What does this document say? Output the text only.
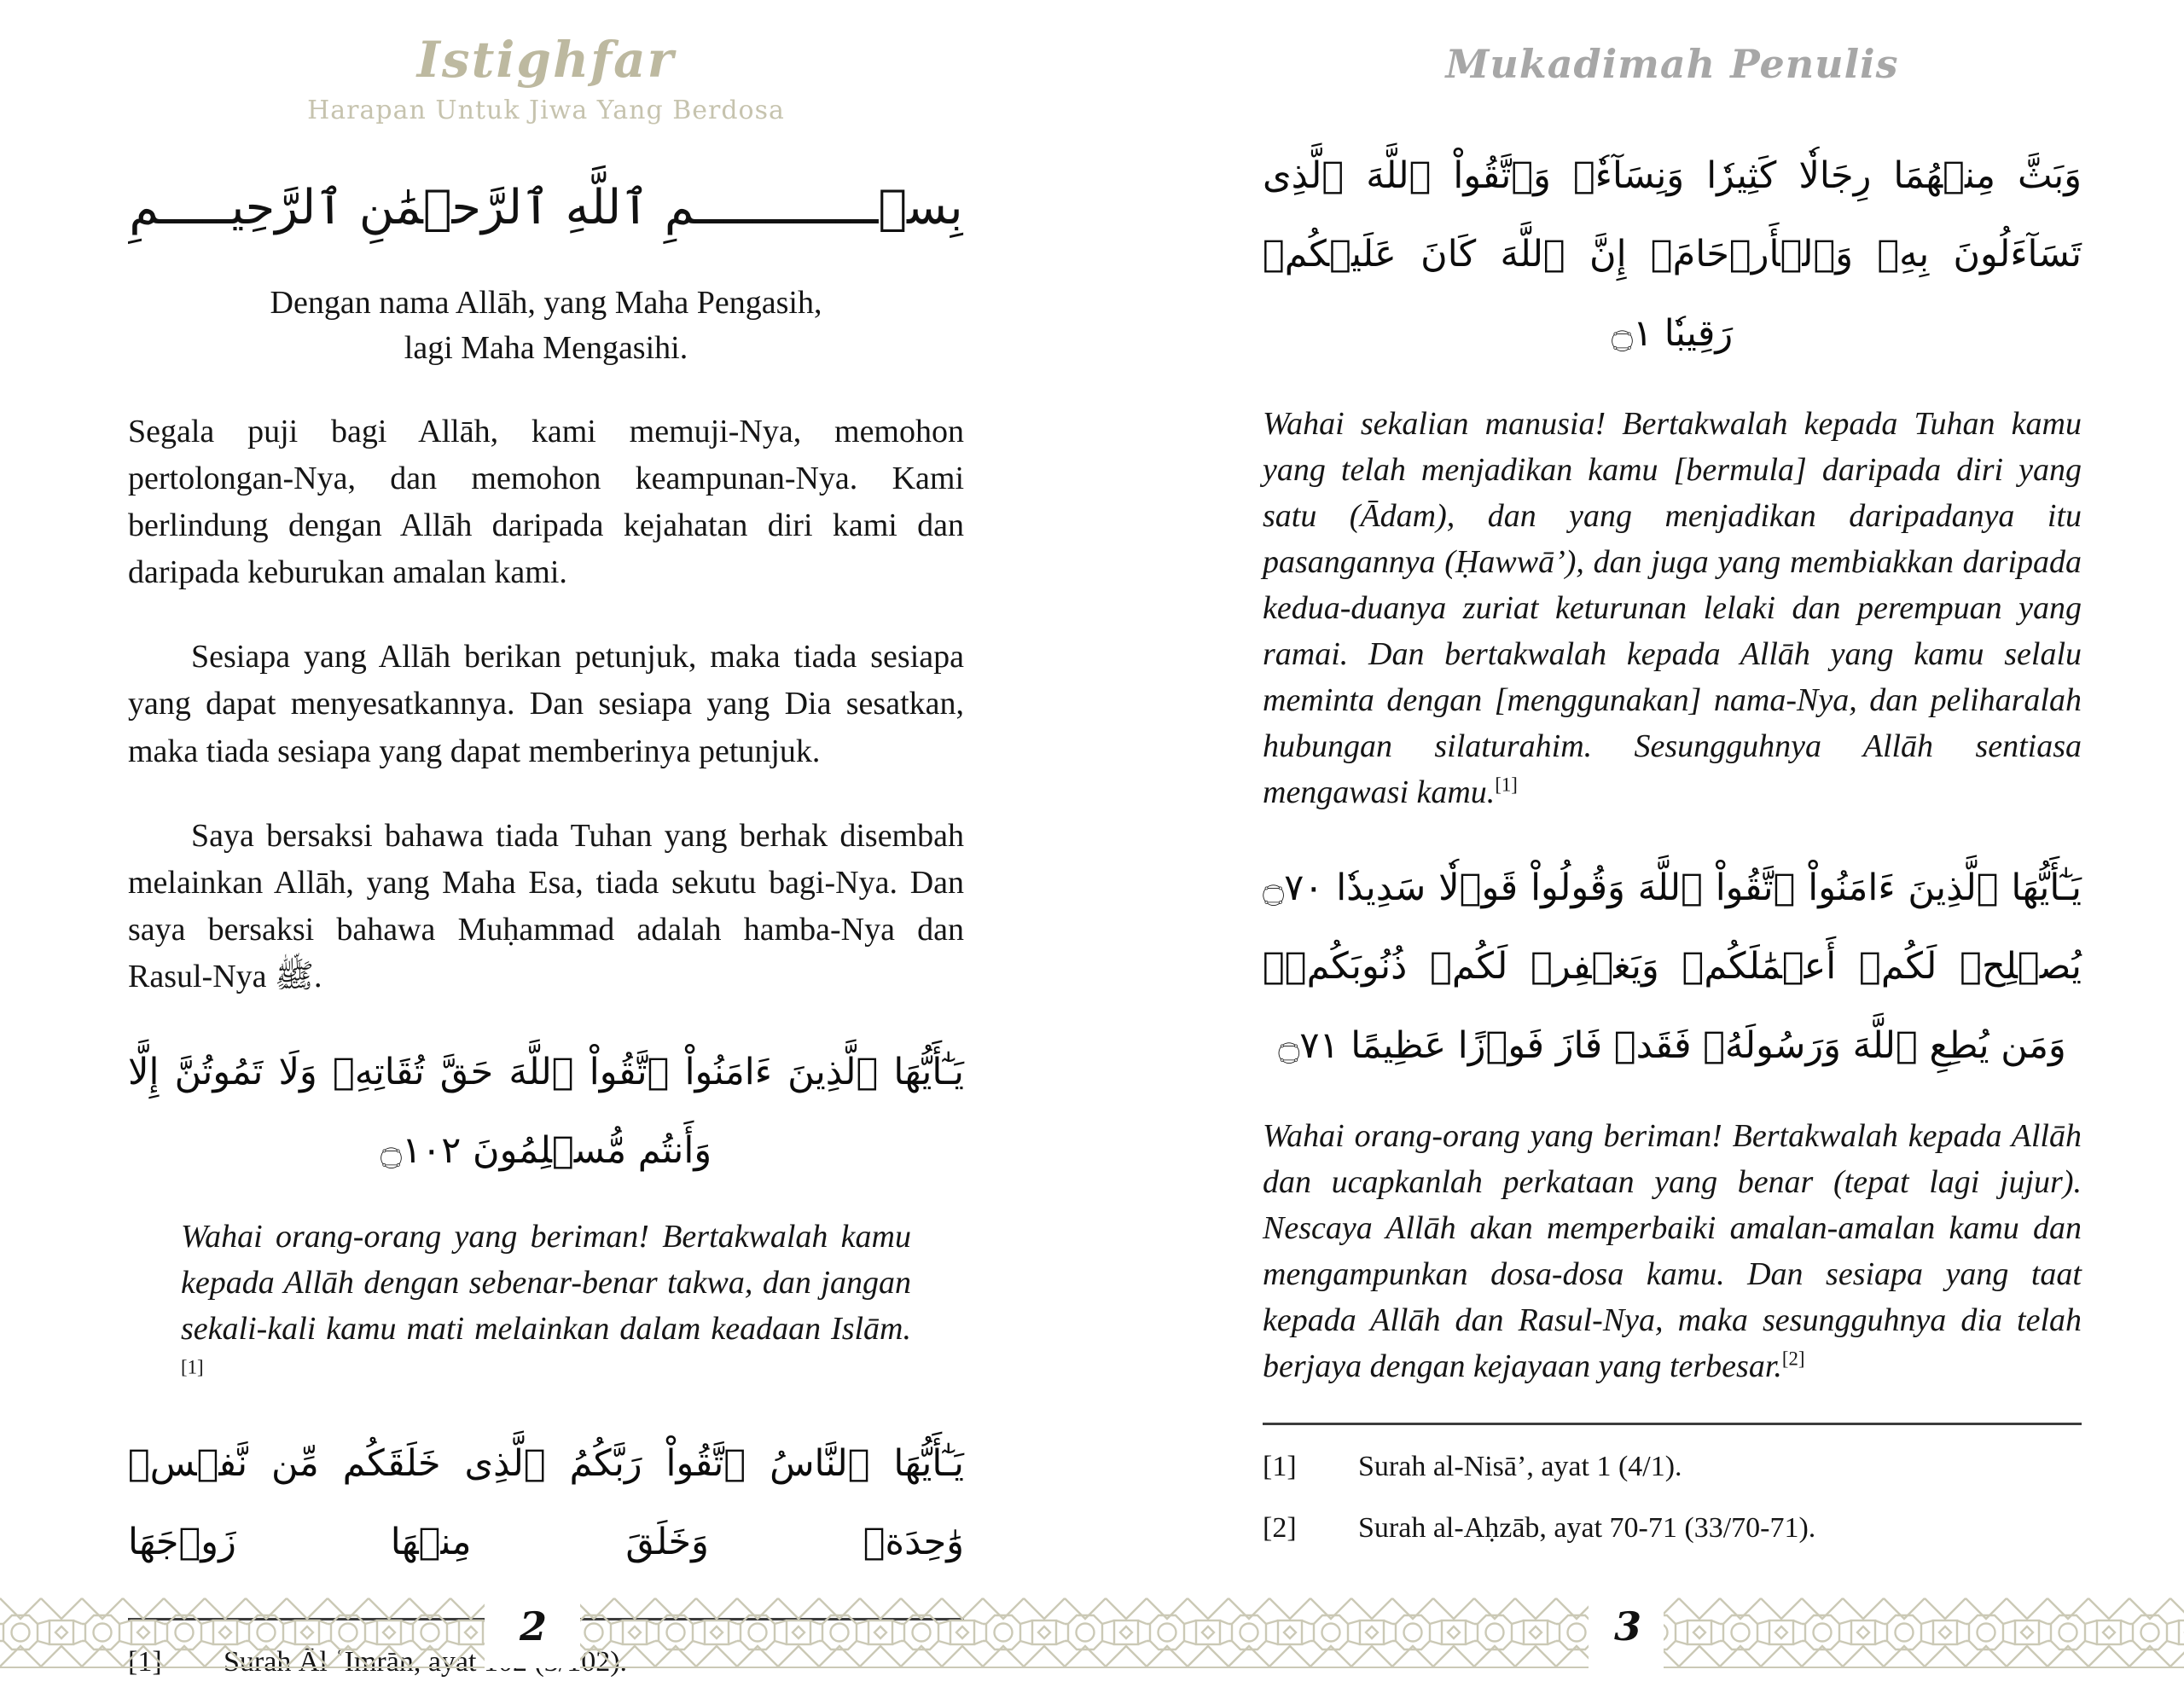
Istighfar
Harapan Untuk Jiwa Yang Berdosa
بِسۡـــــــــــــمِ ٱللَّهِ ٱلرَّحۡمَٰنِ ٱلرَّحِيـــــمِ
Dengan nama Allāh, yang Maha Pengasih,
lagi Maha Mengasihi.

Segala puji bagi Allāh, kami memuji-Nya, memohon pertolongan-Nya, dan memohon keampunan-Nya. Kami berlindung dengan Allāh daripada kejahatan diri kami dan daripada keburukan amalan kami.

Sesiapa yang Allāh berikan petunjuk, maka tiada sesiapa yang dapat menyesatkannya. Dan sesiapa yang Dia sesatkan, maka tiada sesiapa yang dapat memberinya petunjuk.

Saya bersaksi bahawa tiada Tuhan yang berhak disembah melainkan Allāh, yang Maha Esa, tiada sekutu bagi-Nya. Dan saya bersaksi bahawa Muḥammad adalah hamba-Nya dan Rasul-Nya ﷺ.

يَـٰٓأَيُّهَا ٱلَّذِينَ ءَامَنُواْ ٱتَّقُواْ ٱللَّهَ حَقَّ تُقَاتِهِۦ وَلَا تَمُوتُنَّ إِلَّا وَأَنتُم مُّسۡلِمُونَ ۝١٠٢

Wahai orang-orang yang beriman! Bertakwalah kamu kepada Allāh dengan sebenar-benar takwa, dan jangan sekali-kali kamu mati melainkan dalam keadaan Islām.[1]

يَـٰٓأَيُّهَا ٱلنَّاسُ ٱتَّقُواْ رَبَّكُمُ ٱلَّذِى خَلَقَكُم مِّن نَّفۡسٖ وَٰحِدَةٖ وَخَلَقَ مِنۡهَا زَوۡجَهَا
Mukadimah Penulis
وَبَثَّ مِنۡهُمَا رِجَالٗا كَثِيرٗا وَنِسَآءٗۚ وَٱتَّقُواْ ٱللَّهَ ٱلَّذِى تَسَآءَلُونَ بِهِۦ وَٱلۡأَرۡحَامَۚ إِنَّ ٱللَّهَ كَانَ عَلَيۡكُمۡ رَقِيبٗا ۝١

Wahai sekalian manusia! Bertakwalah kepada Tuhan kamu yang telah menjadikan kamu [bermula] daripada diri yang satu (Ādam), dan yang menjadikan daripadanya itu pasangannya (Ḥawwā’), dan juga yang membiakkan daripada kedua-duanya zuriat keturunan lelaki dan perempuan yang ramai. Dan bertakwalah kepada Allāh yang kamu selalu meminta dengan [menggunakan] nama-Nya, dan peliharalah hubungan silaturahim. Sesungguhnya Allāh sentiasa mengawasi kamu.[1]

يَـٰٓأَيُّهَا ٱلَّذِينَ ءَامَنُواْ ٱتَّقُواْ ٱللَّهَ وَقُولُواْ قَوۡلٗا سَدِيدٗا ۝٧٠ يُصۡلِحۡ لَكُمۡ أَعۡمَٰلَكُمۡ وَيَغۡفِرۡ لَكُمۡ ذُنُوبَكُمۡۗ وَمَن يُطِعِ ٱللَّهَ وَرَسُولَهُۥ فَقَدۡ فَازَ فَوۡزًا عَظِيمًا ۝٧١

Wahai orang-orang yang beriman! Bertakwalah kepada Allāh dan ucapkanlah perkataan yang benar (tepat lagi jujur). Nescaya Allāh akan memperbaiki amalan-amalan kamu dan mengampunkan dosa-dosa kamu. Dan sesiapa yang taat kepada Allāh dan Rasul-Nya, maka sesungguhnya dia telah berjaya dengan kejayaan yang terbesar.[2]

[1]	Surah al-Nisā’, ayat 1 (4/1).
[2]	Surah al-Aḥzāb, ayat 70-71 (33/70-71).
2	3
